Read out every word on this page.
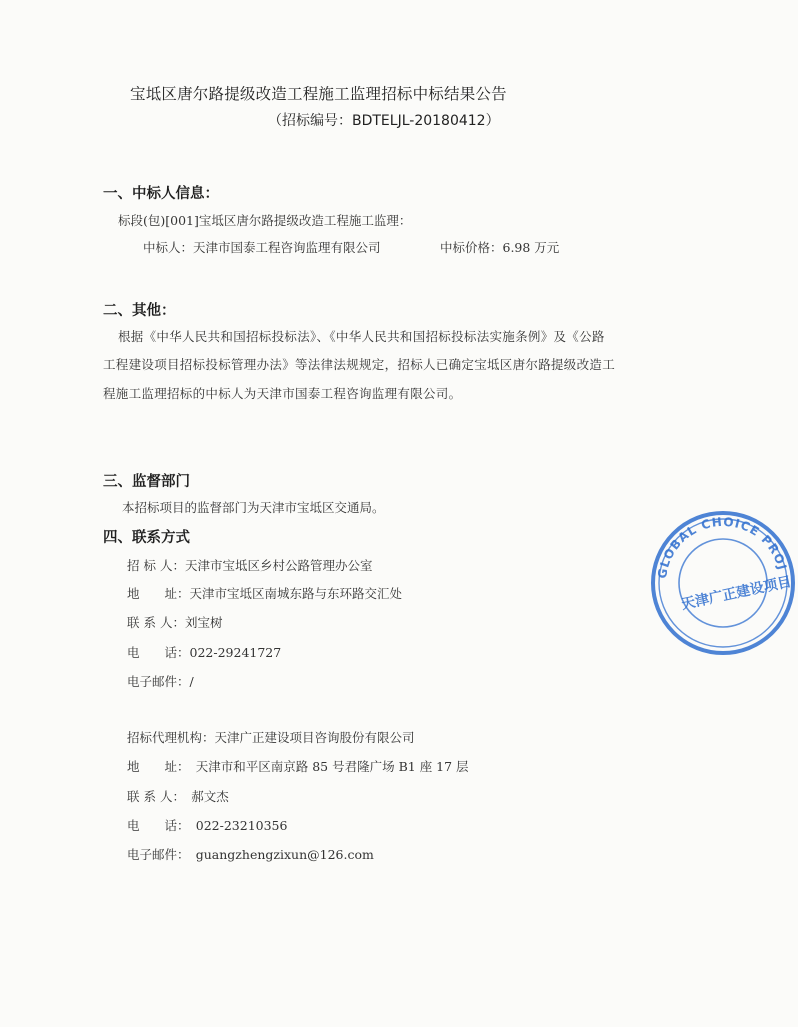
宝坻区唐尔路提级改造工程施工监理招标中标结果公告
（招标编号：BDTELJL-20180412）
一、中标人信息：
标段(包)[001]宝坻区唐尔路提级改造工程施工监理：
中标人：天津市国泰工程咨询监理有限公司	中标价格：6.98 万元
二、其他：
根据《中华人民共和国招标投标法》、《中华人民共和国招标投标法实施条例》及《公路
工程建设项目招标投标管理办法》等法律法规规定，招标人已确定宝坻区唐尔路提级改造工
程施工监理招标的中标人为天津市国泰工程咨询监理有限公司。
三、监督部门
本招标项目的监督部门为天津市宝坻区交通局。
四、联系方式
招 标 人：天津市宝坻区乡村公路管理办公室
地　　址：天津市宝坻区南城东路与东环路交汇处
联 系 人：刘宝树
电　　话：022-29241727
电子邮件：/
招标代理机构：天津广正建设项目咨询股份有限公司
地　　址：　天津市和平区南京路 85 号君隆广场 B1 座 17 层
联 系 人：　郝文杰
电　　话：　022-23210356
电子邮件：　guangzhengzixun@126.com
GLOBAL CHOICE PROJ
天津广正建设项目
